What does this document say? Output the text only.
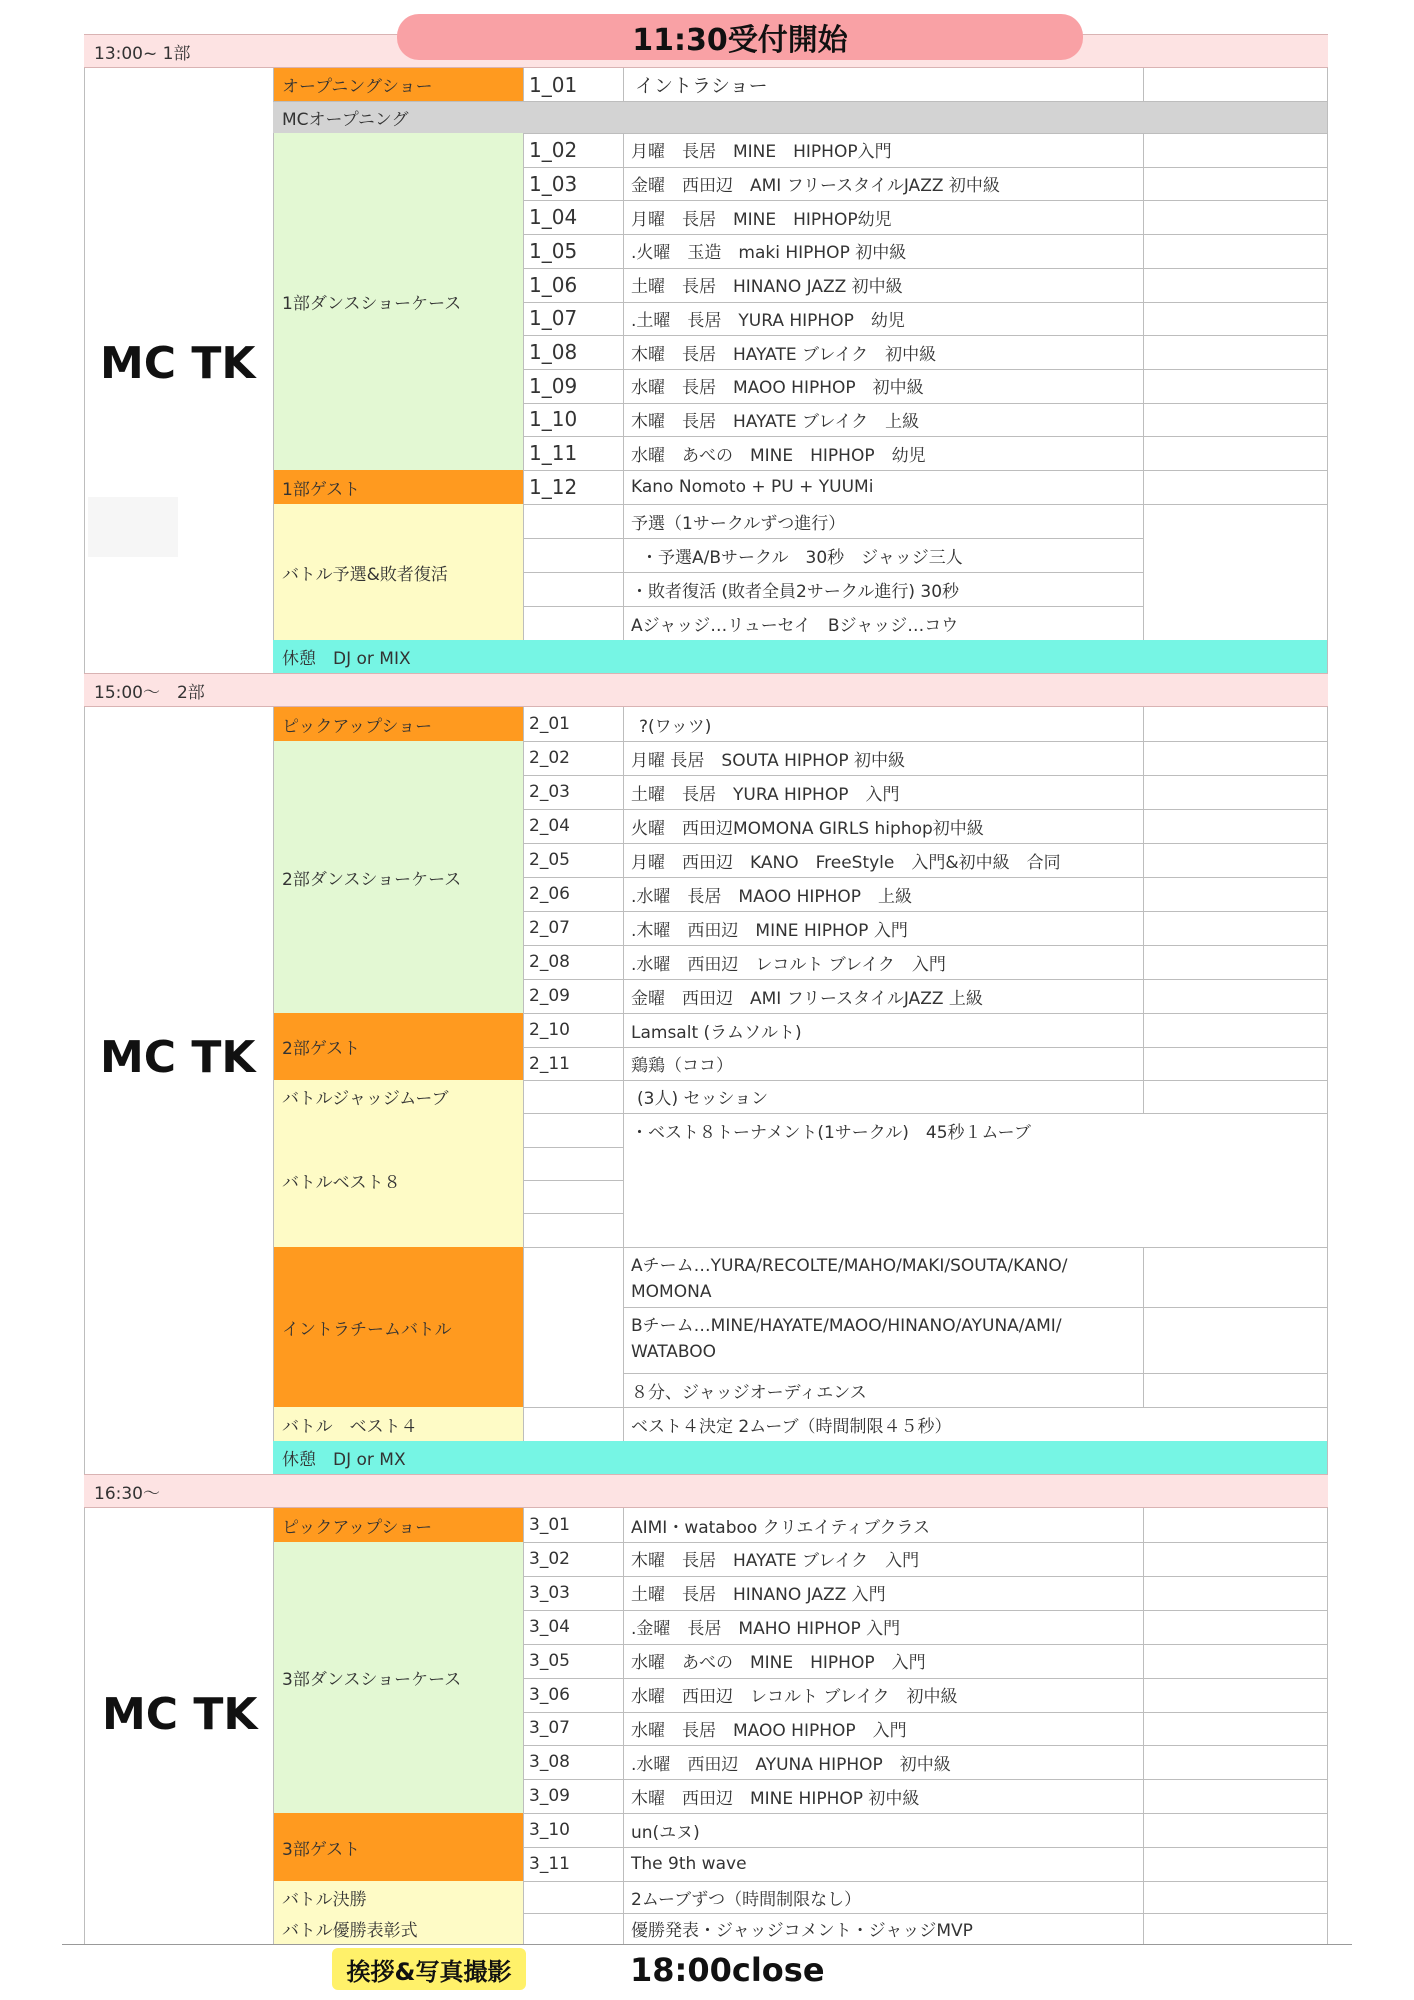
13:00~ 1部
MC TK
オープニングショー	1_01	イントラショー
MCオープニング
1部ダンスショーケース
1_02	月曜　長居　MINE　HIPHOP入門
1_03	金曜　西田辺　AMI フリースタイルJAZZ 初中級
1_04	月曜　長居　MINE　HIPHOP幼児
1_05	.火曜　玉造　maki HIPHOP 初中級
1_06	土曜　長居　HINANO JAZZ 初中級
1_07	.土曜　長居　YURA HIPHOP　幼児
1_08	木曜　長居　HAYATE ブレイク　初中級
1_09	水曜　長居　MAOO HIPHOP　初中級
1_10	木曜　長居　HAYATE ブレイク　上級
1_11	水曜　あべの　MINE　HIPHOP　幼児
1部ゲスト	1_12	Kano Nomoto + PU + YUUMi
バトル予選&敗者復活
予選（1サークルずつ進行）
・予選A/Bサークル　30秒　ジャッジ三人
・敗者復活 (敗者全員2サークル進行) 30秒
Aジャッジ…リューセイ　Bジャッジ…コウ
休憩　DJ or MIX
15:00～　2部
MC TK
ピックアップショー	2_01	?(ワッツ)
2部ダンスショーケース
2_02	月曜 長居　SOUTA HIPHOP 初中級
2_03	土曜　長居　YURA HIPHOP　入門
2_04	火曜　西田辺MOMONA GIRLS hiphop初中級
2_05	月曜　西田辺　KANO　FreeStyle　入門&初中級　合同
2_06	.水曜　長居　MAOO HIPHOP　上級
2_07	.木曜　西田辺　MINE HIPHOP 入門
2_08	.水曜　西田辺　レコルト ブレイク　入門
2_09	金曜　西田辺　AMI フリースタイルJAZZ 上級
2部ゲスト
2_10	Lamsalt (ラムソルト)
2_11	鶏鶏（ココ）
バトルジャッジムーブ	(3人) セッション
バトルベスト８
・ベスト８トーナメント(1サークル)　45秒１ムーブ
イントラチームバトル
Aチーム…YURA/RECOLTE/MAHO/MAKI/SOUTA/KANO/ MOMONA
Bチーム…MINE/HAYATE/MAOO/HINANO/AYUNA/AMI/ WATABOO
８分、ジャッジオーディエンス
バトル　ベスト４	ベスト４決定 2ムーブ（時間制限４５秒）
休憩　DJ or MX
16:30～
MC TK
ピックアップショー	3_01	AIMI・wataboo クリエイティブクラス
3部ダンスショーケース
3_02	木曜　長居　HAYATE ブレイク　入門
3_03	土曜　長居　HINANO JAZZ 入門
3_04	.金曜　長居　MAHO HIPHOP 入門
3_05	水曜　あべの　MINE　HIPHOP　入門
3_06	水曜　西田辺　レコルト ブレイク　初中級
3_07	水曜　長居　MAOO HIPHOP　入門
3_08	.水曜　西田辺　AYUNA HIPHOP　初中級
3_09	木曜　西田辺　MINE HIPHOP 初中級
3部ゲスト
3_10	un(ユヌ)
3_11	The 9th wave
バトル決勝	2ムーブずつ（時間制限なし）
バトル優勝表彰式	優勝発表・ジャッジコメント・ジャッジMVP
11:30受付開始
挨拶&写真撮影	18:00close
